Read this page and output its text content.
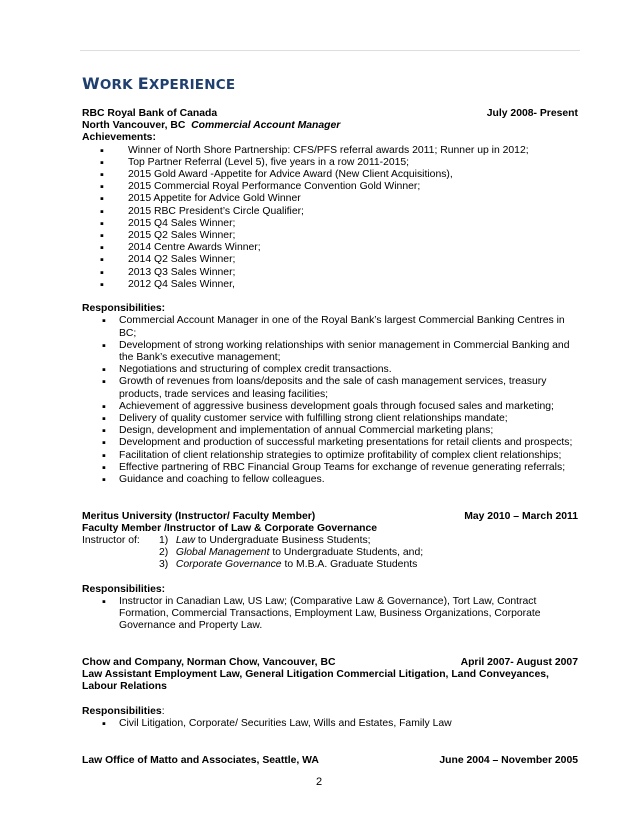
WORK EXPERIENCE
RBC Royal Bank of Canada	July 2008- Present
North Vancouver, BC Commercial Account Manager
Achievements:
▪ Winner of North Shore Partnership: CFS/PFS referral awards 2011; Runner up in 2012;
▪ Top Partner Referral (Level 5), five years in a row 2011-2015;
▪ 2015 Gold Award -Appetite for Advice Award (New Client Acquisitions),
▪ 2015 Commercial Royal Performance Convention Gold Winner;
▪ 2015 Appetite for Advice Gold Winner
▪ 2015 RBC President’s Circle Qualifier;
▪ 2015 Q4 Sales Winner;
▪ 2015 Q2 Sales Winner;
▪ 2014 Centre Awards Winner;
▪ 2014 Q2 Sales Winner;
▪ 2013 Q3 Sales Winner;
▪ 2012 Q4 Sales Winner,
Responsibilities:
▪ Commercial Account Manager in one of the Royal Bank’s largest Commercial Banking Centres in BC;
▪ Development of strong working relationships with senior management in Commercial Banking and the Bank’s executive management;
▪ Negotiations and structuring of complex credit transactions.
▪ Growth of revenues from loans/deposits and the sale of cash management services, treasury products, trade services and leasing facilities;
▪ Achievement of aggressive business development goals through focused sales and marketing;
▪ Delivery of quality customer service with fulfilling strong client relationships mandate;
▪ Design, development and implementation of annual Commercial marketing plans;
▪ Development and production of successful marketing presentations for retail clients and prospects;
▪ Facilitation of client relationship strategies to optimize profitability of complex client relationships;
▪ Effective partnering of RBC Financial Group Teams for exchange of revenue generating referrals;
▪ Guidance and coaching to fellow colleagues.
Meritus University (Instructor/ Faculty Member)	May 2010 – March 2011
Faculty Member /Instructor of Law & Corporate Governance
Instructor of:	1) Law to Undergraduate Business Students;
2) Global Management to Undergraduate Students, and;
3) Corporate Governance to M.B.A. Graduate Students
Responsibilities:
▪ Instructor in Canadian Law, US Law; (Comparative Law & Governance), Tort Law, Contract Formation, Commercial Transactions, Employment Law, Business Organizations, Corporate Governance and Property Law.
Chow and Company, Norman Chow, Vancouver, BC	April 2007- August 2007
Law Assistant Employment Law, General Litigation Commercial Litigation, Land Conveyances, Labour Relations
Responsibilities:
▪ Civil Litigation, Corporate/ Securities Law, Wills and Estates, Family Law
Law Office of Matto and Associates, Seattle, WA	June 2004 – November 2005
2
